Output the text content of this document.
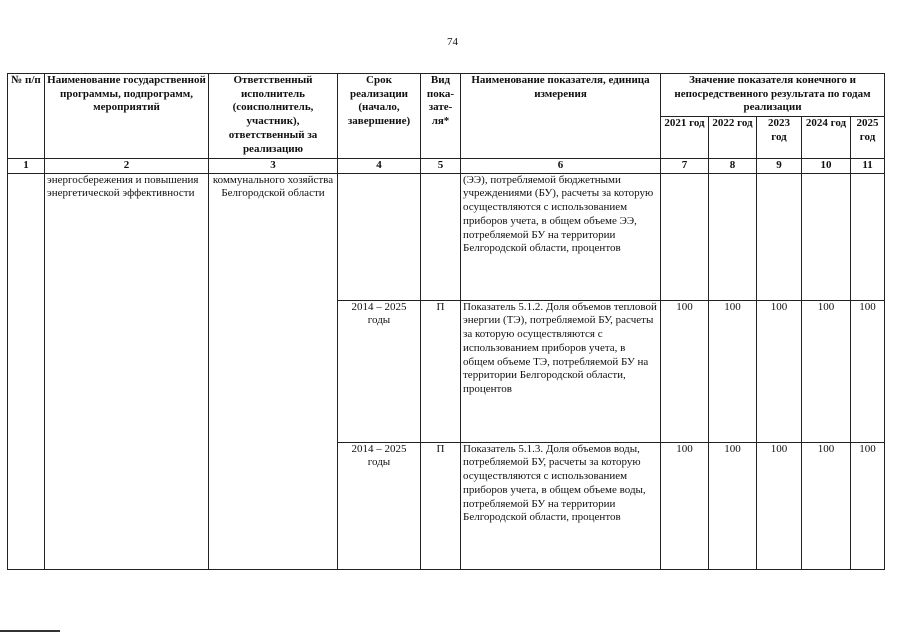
74
№ п/п	Наименование государственной программы, подпрограмм, мероприятий	Ответственный исполнитель (соисполнитель, участник), ответственный за реализацию	Срок реализации (начало, завершение)	Вид пока- зате- ля*	Наименование показателя, единица измерения	Значение показателя конечного и непосредственного результата по годам реализации				
						2021 год	2022 год	2023 год	2024 год	2025 год
1	2	3	4	5	6	7	8	9	10	11
	энергосбережения и повышения энергетической эффективности	коммунального хозяйства Белгородской области			(ЭЭ), потребляемой бюджетными учреждениями (БУ), расчеты за которую осуществляются с использованием приборов учета, в общем объеме ЭЭ, потребляемой БУ на территории Белгородской области, процентов					
			2014 – 2025 годы	П	Показатель 5.1.2. Доля объемов тепловой энергии (ТЭ), потребляемой БУ, расчеты за которую осуществляются с использованием приборов учета, в общем объеме ТЭ, потребляемой БУ на территории Белгородской области, процентов	100	100	100	100	100
			2014 – 2025 годы	П	Показатель 5.1.3. Доля объемов воды, потребляемой БУ, расчеты за которую осуществляются с использованием приборов учета, в общем объеме воды, потребляемой БУ на территории Белгородской области, процентов	100	100	100	100	100
